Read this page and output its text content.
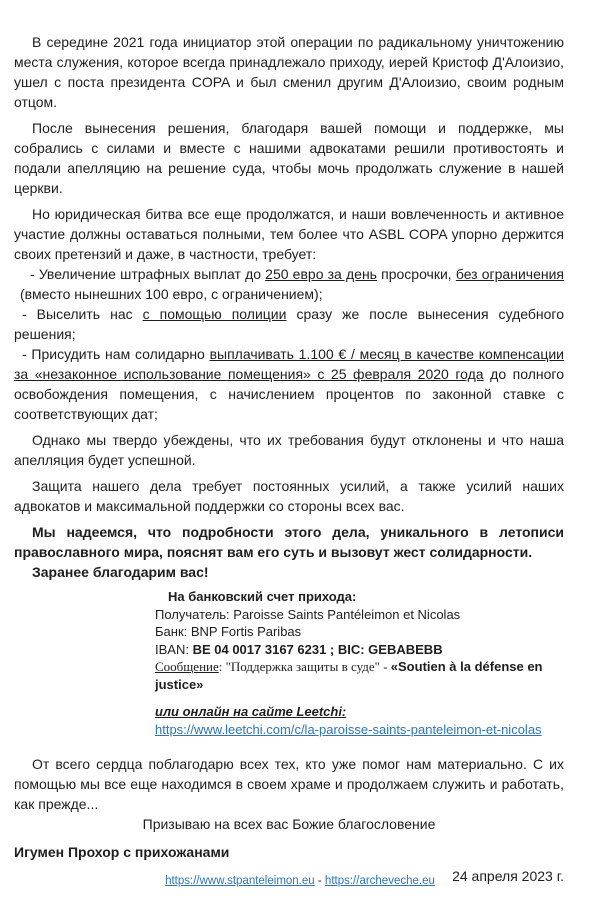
В середине 2021 года инициатор этой операции по радикальному уничтожению места служения, которое всегда принадлежало приходу, иерей Кристоф Д'Алоизио, ушел с поста президента COPA и был сменил другим Д'Алоизио, своим родным отцом.

После вынесения решения, благодаря вашей помощи и поддержке, мы собрались с силами и вместе с нашими адвокатами решили противостоять и подали апелляцию на решение суда, чтобы мочь продолжать служение в нашей церкви.

Но юридическая битва все еще продолжатся, и наши вовлеченность и активное участие должны оставаться полными, тем более что ASBL COPA упорно держится своих претензий и даже, в частности, требует:

- Увеличение штрафных выплат до 250 евро за день просрочки, без ограничения (вместо нынешних 100 евро, с ограничением);

- Выселить нас с помощью полиции сразу же после вынесения судебного решения;

- Присудить нам солидарно выплачивать 1.100 € / месяц в качестве компенсации за «незаконное использование помещения» с 25 февраля 2020 года до полного освобождения помещения, с начислением процентов по законной ставке с соответствующих дат;

Однако мы твердо убеждены, что их требования будут отклонены и что наша апелляция будет успешной.

Защита нашего дела требует постоянных усилий, а также усилий наших адвокатов и максимальной поддержки со стороны всех вас.

Мы надеемся, что подробности этого дела, уникального в летописи православного мира, пояснят вам его суть и вызовут жест солидарности.

Заранее благодарим вас!

На банковский счет прихода:
Получатель: Paroisse Saints Pantéleimon et Nicolas
Банк: BNP Fortis Paribas
IBAN: BE 04 0017 3167 6231 ; BIC: GEBABEBB
Сообщение: "Поддержка защиты в суде" - «Soutien à la défense en justice»
или онлайн на сайте Leetchi:
https://www.leetchi.com/c/la-paroisse-saints-panteleimon-et-nicolas

От всего сердца поблагодарю всех тех, кто уже помог нам материально. С их помощью мы все еще находимся в своем храме и продолжаем служить и работать, как прежде...

Призываю на всех вас Божие благословение

Игумен Прохор с прихожанами

24 апреля 2023 г.

https://www.stpanteleimon.eu - https://archeveche.eu
